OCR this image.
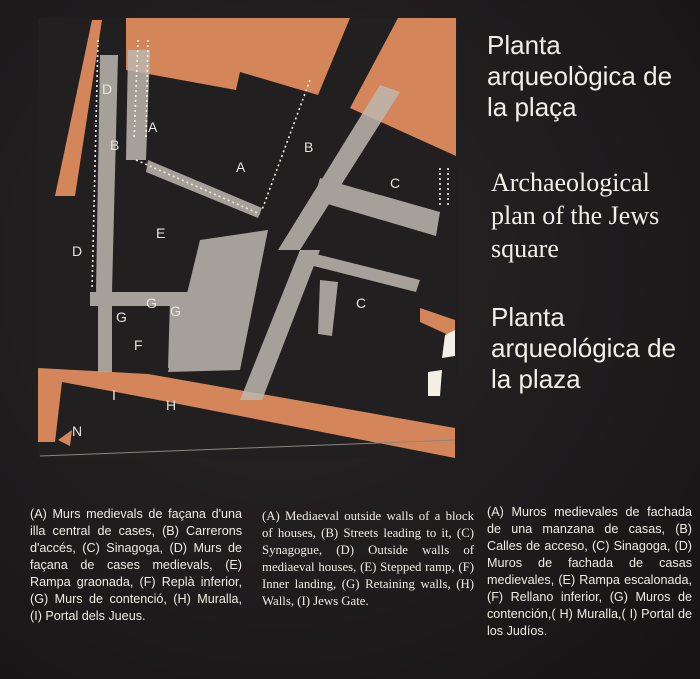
D
A
B
A
B
C
E
D
C
G
G	G
F
I
H
N
Planta arqueològica de la plaça
Archaeological plan of the Jews square
Planta arqueológica de la plaza

(A) Murs medievals de façana d'una illa central de cases, (B) Carrerons d'accés, (C) Sinagoga, (D) Murs de façana de cases medievals, (E) Rampa graonada, (F) Replà inferior, (G) Murs de contenció, (H) Muralla, (I) Portal dels Jueus.

(A) Mediaeval outside walls of a block of houses, (B) Streets leading to it, (C) Synagogue, (D) Outside walls of mediaeval houses, (E) Stepped ramp, (F) Inner landing, (G) Retaining walls, (H) Walls, (I) Jews Gate.

(A) Muros medievales de fachada de una manzana de casas, (B) Calles de acceso, (C) Sinagoga, (D) Muros de fachada de casas medievales, (E) Rampa escalonada, (F) Rellano inferior, (G) Muros de contención,( H) Muralla,( I) Portal de los Judíos.
